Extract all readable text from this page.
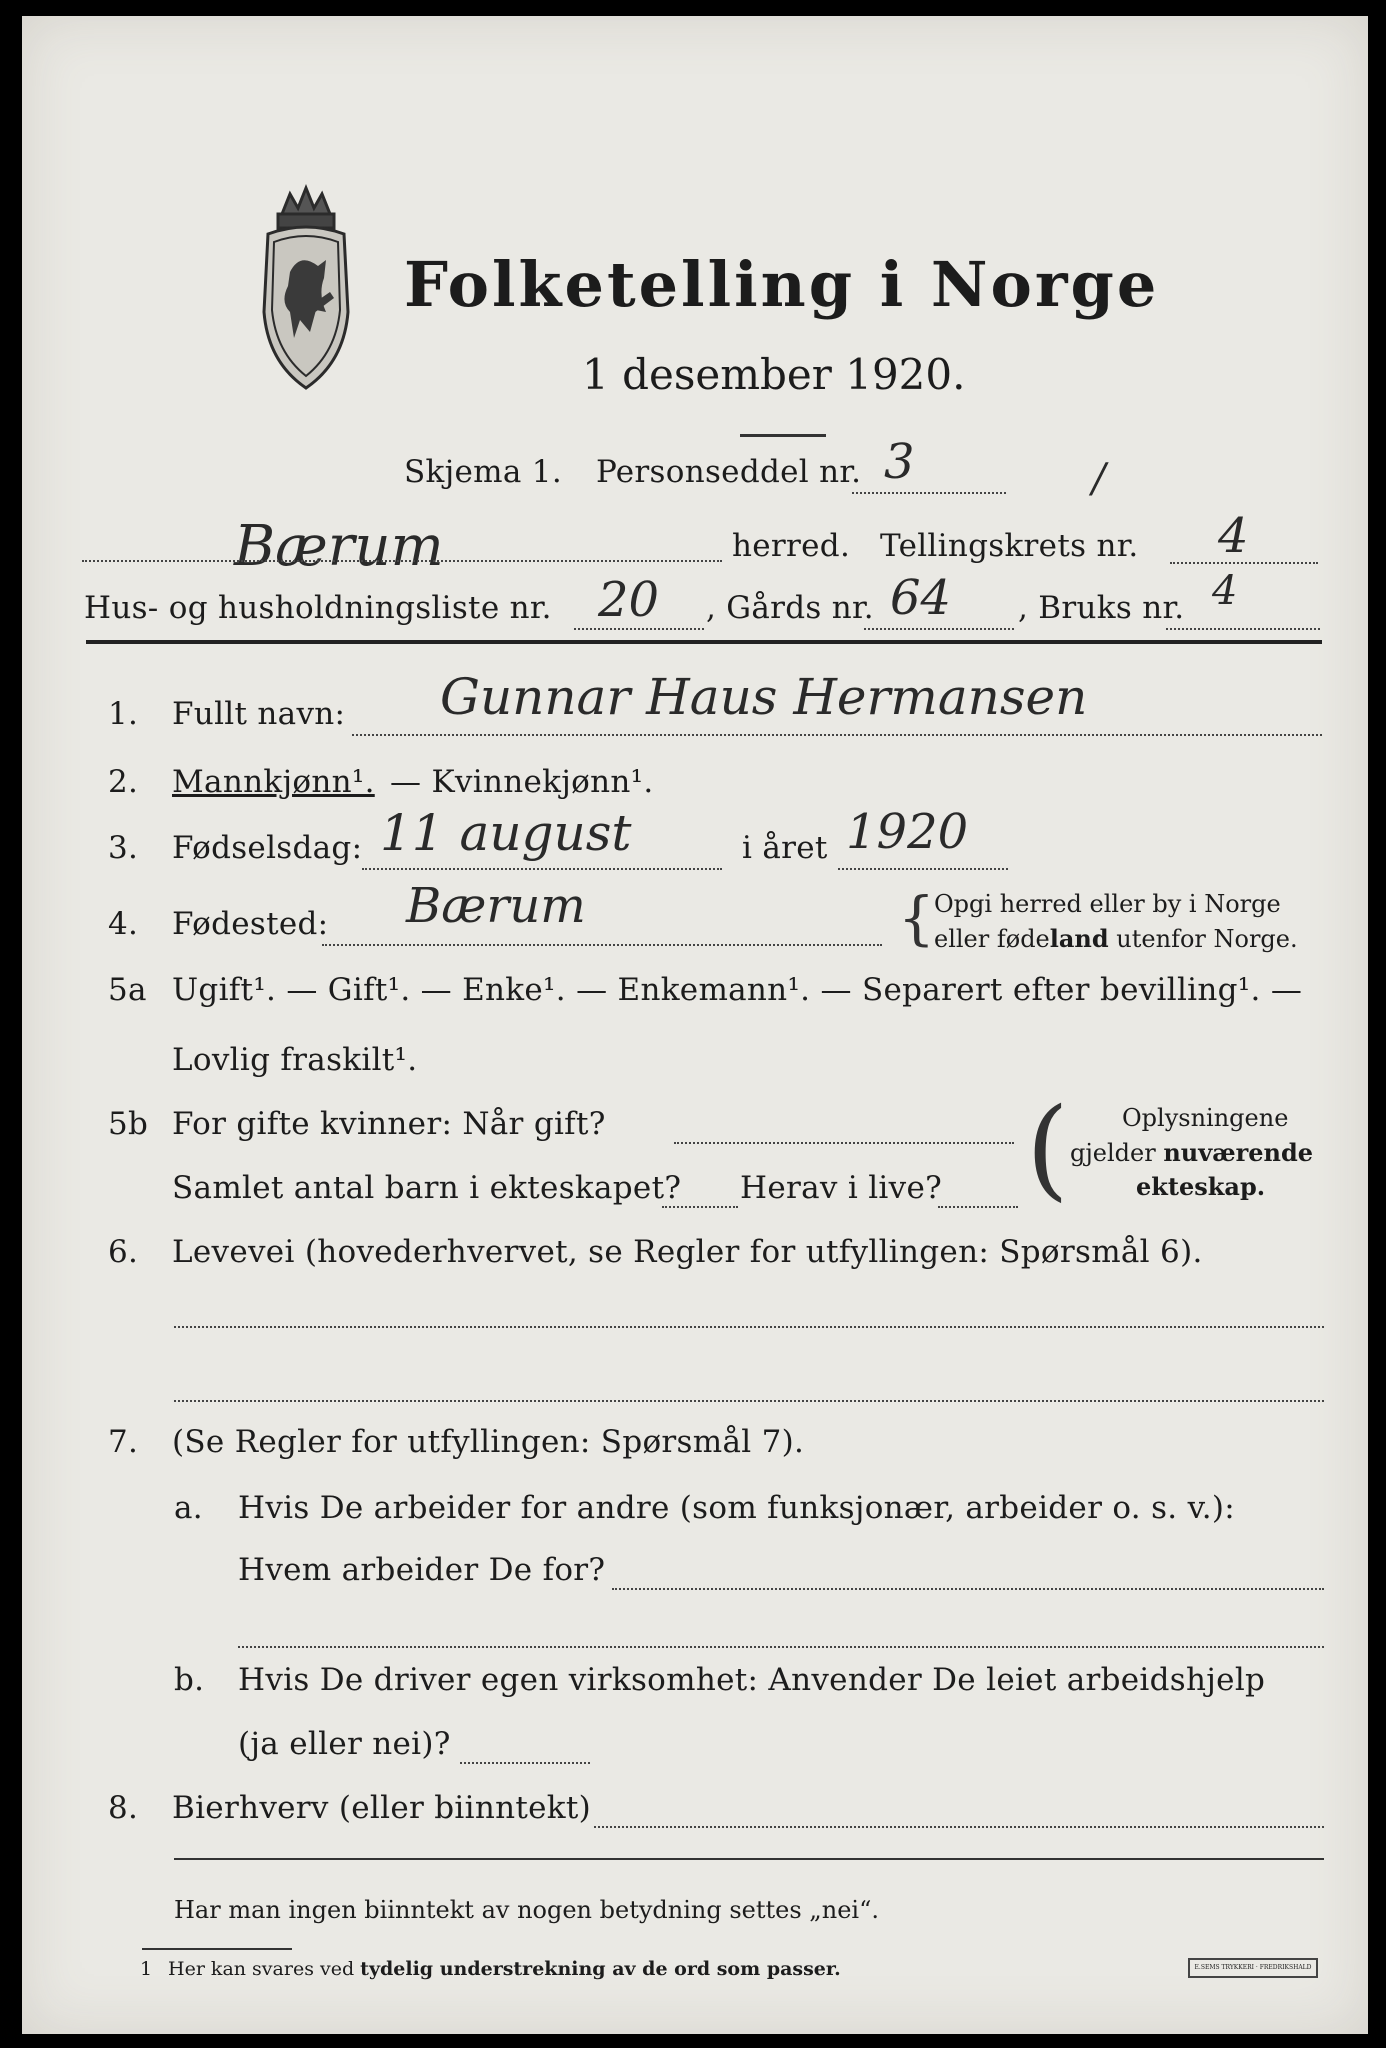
Folketelling i Norge
1 desember 1920.
Skjema 1. Personseddel nr. 3	/
Bærum	herred. Tellingskrets nr. 4
Hus- og husholdningsliste nr. 20 , Gårds nr. 64 , Bruks nr. 4
1. Fullt navn: Gunnar Haus Hermansen
2. Mannkjønn¹. — Kvinnekjønn¹.
3. Fødselsdag: 11 august	i året 1920
4. Fødested: Bærum	{ Opgi herred eller by i Norge
eller fødeland utenfor Norge.
5a Ugift¹. — Gift¹. — Enke¹. — Enkemann¹. — Separert efter bevilling¹. —
Lovlig fraskilt¹.
5b For gifte kvinner: Når gift?
Samlet antal barn i ekteskapet? Herav i live? ( Oplysningene
gjelder nuværende
ekteskap.
6. Levevei (hovederhvervet, se Regler for utfyllingen: Spørsmål 6).
7. (Se Regler for utfyllingen: Spørsmål 7).
a. Hvis De arbeider for andre (som funksjonær, arbeider o. s. v.):
Hvem arbeider De for?
b. Hvis De driver egen virksomhet: Anvender De leiet arbeidshjelp
(ja eller nei)?
8. Bierhverv (eller biinntekt)
Har man ingen biinntekt av nogen betydning settes „nei“.
1 Her kan svares ved tydelig understrekning av de ord som passer.	E.SEMS TRYKKERI · FREDRIKSHALD
